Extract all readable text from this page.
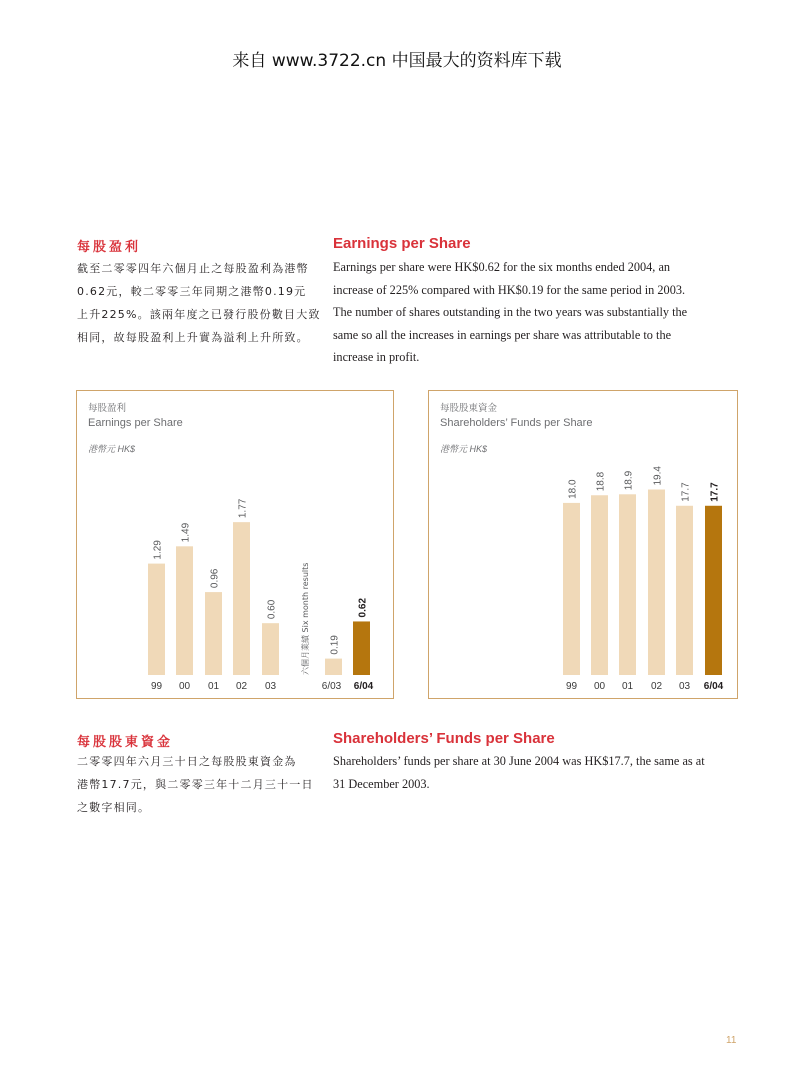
来自 www.3722.cn 中国最大的资料库下载
每股盈利	Earnings per Share
截至二零零四年六個月止之每股盈利為港幣
0.62元，較二零零三年同期之港幣0.19元
上升225%。該兩年度之已發行股份數目大致
相同，故每股盈利上升實為溢利上升所致。
Earnings per share were HK$0.62 for the six months ended 2004, an
increase of 225% compared with HK$0.19 for the same period in 2003.
The number of shares outstanding in the two years was substantially the
same so all the increases in earnings per share was attributable to the
increase in profit.
每股盈利
Earnings per Share
港幣元 HK$
1.29
99
1.49
00
0.96
01
1.77
02
0.60
03
六個月業績 Six month results 0.19
6/03
0.62
6/04
每股股東資金
Shareholders’ Funds per Share
港幣元 HK$
18.0
99
18.8
00
18.9
01
19.4
02
17.7
03
17.7
6/04
每股股東資金	Shareholders’ Funds per Share
二零零四年六月三十日之每股股東資金為
港幣17.7元，與二零零三年十二月三十一日
之數字相同。
Shareholders’ funds per share at 30 June 2004 was HK$17.7, the same as at
31 December 2003.
11
